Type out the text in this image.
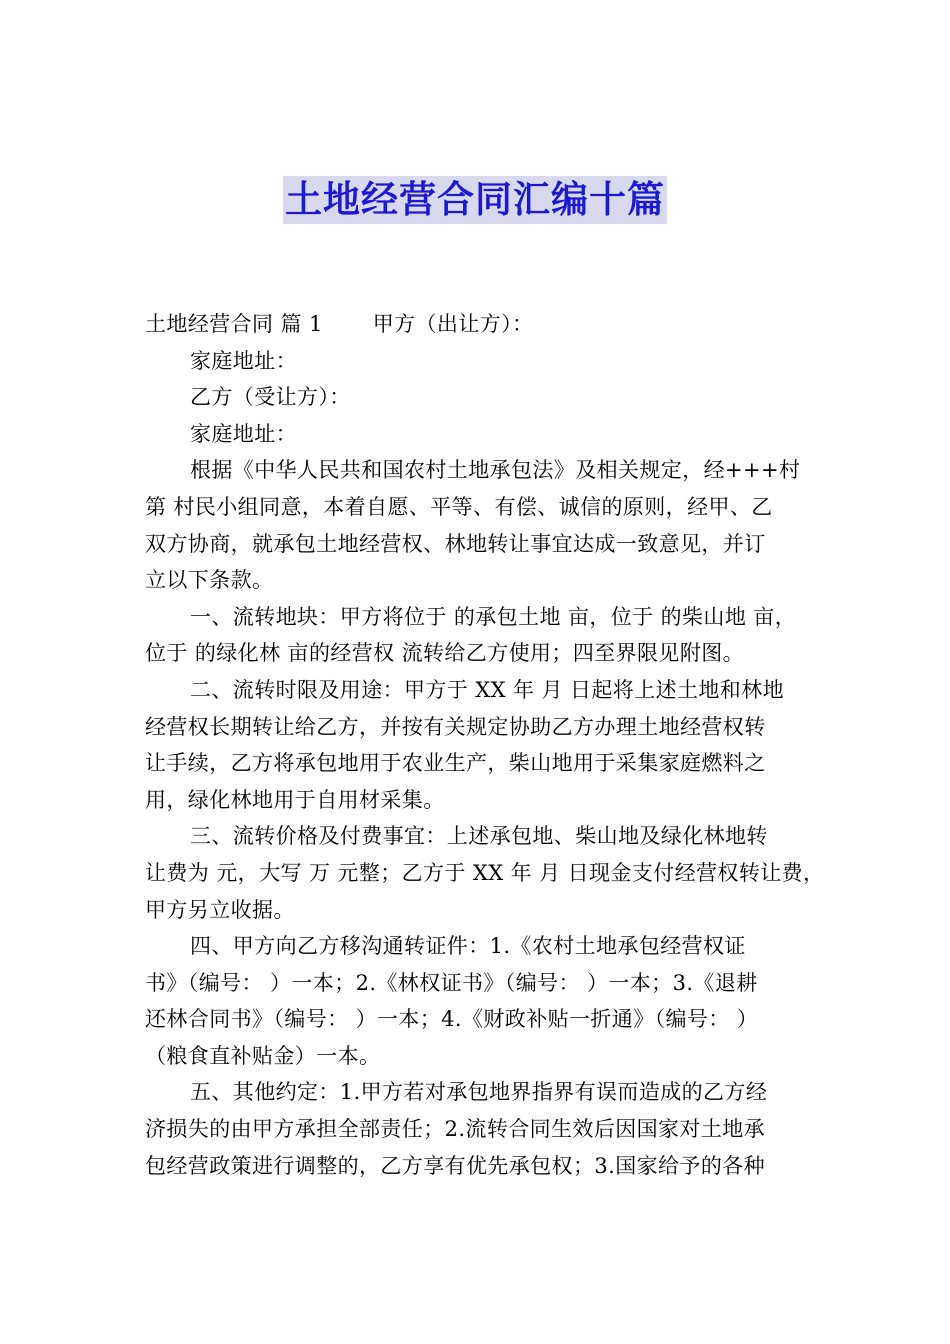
土地经营合同汇编十篇
土地经营合同 篇 1 甲方（出让方）：
家庭地址：
乙方（受让方）：
家庭地址：
根据《中华人民共和国农村土地承包法》及相关规定，经+++村
第 村民小组同意，本着自愿、平等、有偿、诚信的原则，经甲、乙
双方协商，就承包土地经营权、林地转让事宜达成一致意见，并订
立以下条款。
一、流转地块：甲方将位于 的承包土地 亩，位于 的柴山地 亩，
位于 的绿化林 亩的经营权 流转给乙方使用；四至界限见附图。
二、流转时限及用途：甲方于 XX 年 月 日起将上述土地和林地
经营权长期转让给乙方，并按有关规定协助乙方办理土地经营权转
让手续，乙方将承包地用于农业生产，柴山地用于采集家庭燃料之
用，绿化林地用于自用材采集。
三、流转价格及付费事宜：上述承包地、柴山地及绿化林地转
让费为 元，大写 万 元整；乙方于 XX 年 月 日现金支付经营权转让费，
甲方另立收据。
四、甲方向乙方移沟通转证件：1.《农村土地承包经营权证
书》（编号： ）一本；2.《林权证书》（编号： ）一本；3.《退耕
还林合同书》（编号： ）一本；4.《财政补贴一折通》（编号： ）
（粮食直补贴金）一本。
五、其他约定：1.甲方若对承包地界指界有误而造成的乙方经
济损失的由甲方承担全部责任；2.流转合同生效后因国家对土地承
包经营政策进行调整的，乙方享有优先承包权；3.国家给予的各种
